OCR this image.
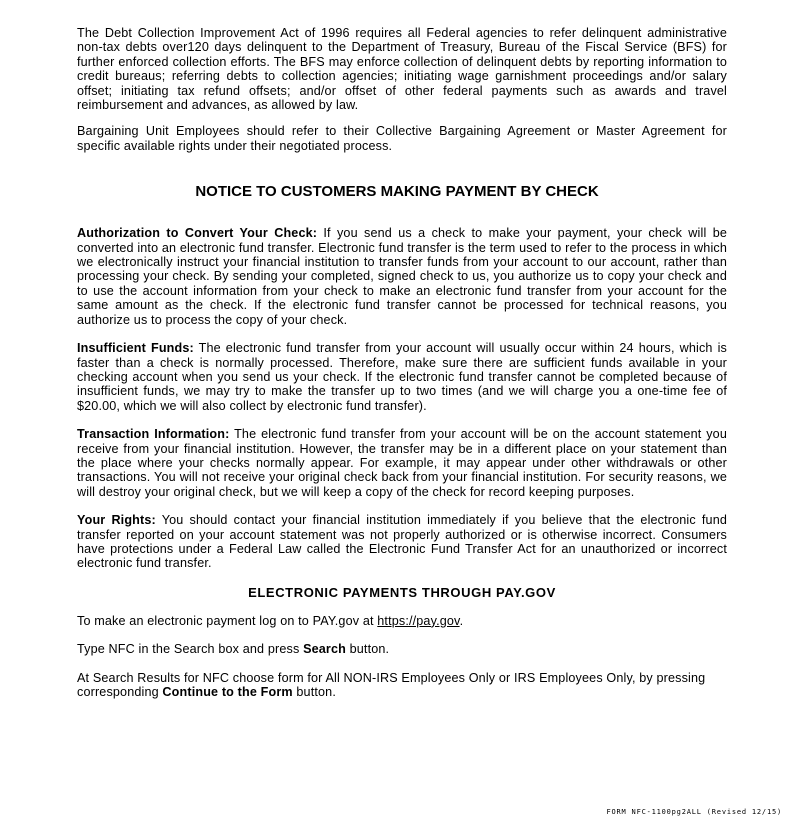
The Debt Collection Improvement Act of 1996 requires all Federal agencies to refer delinquent administrative non-tax debts over120 days delinquent to the Department of Treasury, Bureau of the Fiscal Service (BFS) for further enforced collection efforts. The BFS may enforce collection of delinquent debts by reporting information to credit bureaus; referring debts to collection agencies; initiating wage garnishment proceedings and/or salary offset; initiating tax refund offsets; and/or offset of other federal payments such as awards and travel reimbursement and advances, as allowed by law.

Bargaining Unit Employees should refer to their Collective Bargaining Agreement or Master Agreement for specific available rights under their negotiated process.

NOTICE TO CUSTOMERS MAKING PAYMENT BY CHECK

Authorization to Convert Your Check: If you send us a check to make your payment, your check will be converted into an electronic fund transfer. Electronic fund transfer is the term used to refer to the process in which we electronically instruct your financial institution to transfer funds from your account to our account, rather than processing your check. By sending your completed, signed check to us, you authorize us to copy your check and to use the account information from your check to make an electronic fund transfer from your account for the same amount as the check. If the electronic fund transfer cannot be processed for technical reasons, you authorize us to process the copy of your check.

Insufficient Funds: The electronic fund transfer from your account will usually occur within 24 hours, which is faster than a check is normally processed. Therefore, make sure there are sufficient funds available in your checking account when you send us your check. If the electronic fund transfer cannot be completed because of insufficient funds, we may try to make the transfer up to two times (and we will charge you a one-time fee of $20.00, which we will also collect by electronic fund transfer).

Transaction Information: The electronic fund transfer from your account will be on the account statement you receive from your financial institution. However, the transfer may be in a different place on your statement than the place where your checks normally appear. For example, it may appear under other withdrawals or other transactions. You will not receive your original check back from your financial institution. For security reasons, we will destroy your original check, but we will keep a copy of the check for record keeping purposes.

Your Rights: You should contact your financial institution immediately if you believe that the electronic fund transfer reported on your account statement was not properly authorized or is otherwise incorrect. Consumers have protections under a Federal Law called the Electronic Fund Transfer Act for an unauthorized or incorrect electronic fund transfer.

ELECTRONIC PAYMENTS THROUGH PAY.GOV

To make an electronic payment log on to PAY.gov at https://pay.gov.

Type NFC in the Search box and press Search button.

At Search Results for NFC choose form for All NON-IRS Employees Only or IRS Employees Only, by pressing corresponding Continue to the Form button.

FORM NFC-1100pg2ALL (Revised 12/15)
